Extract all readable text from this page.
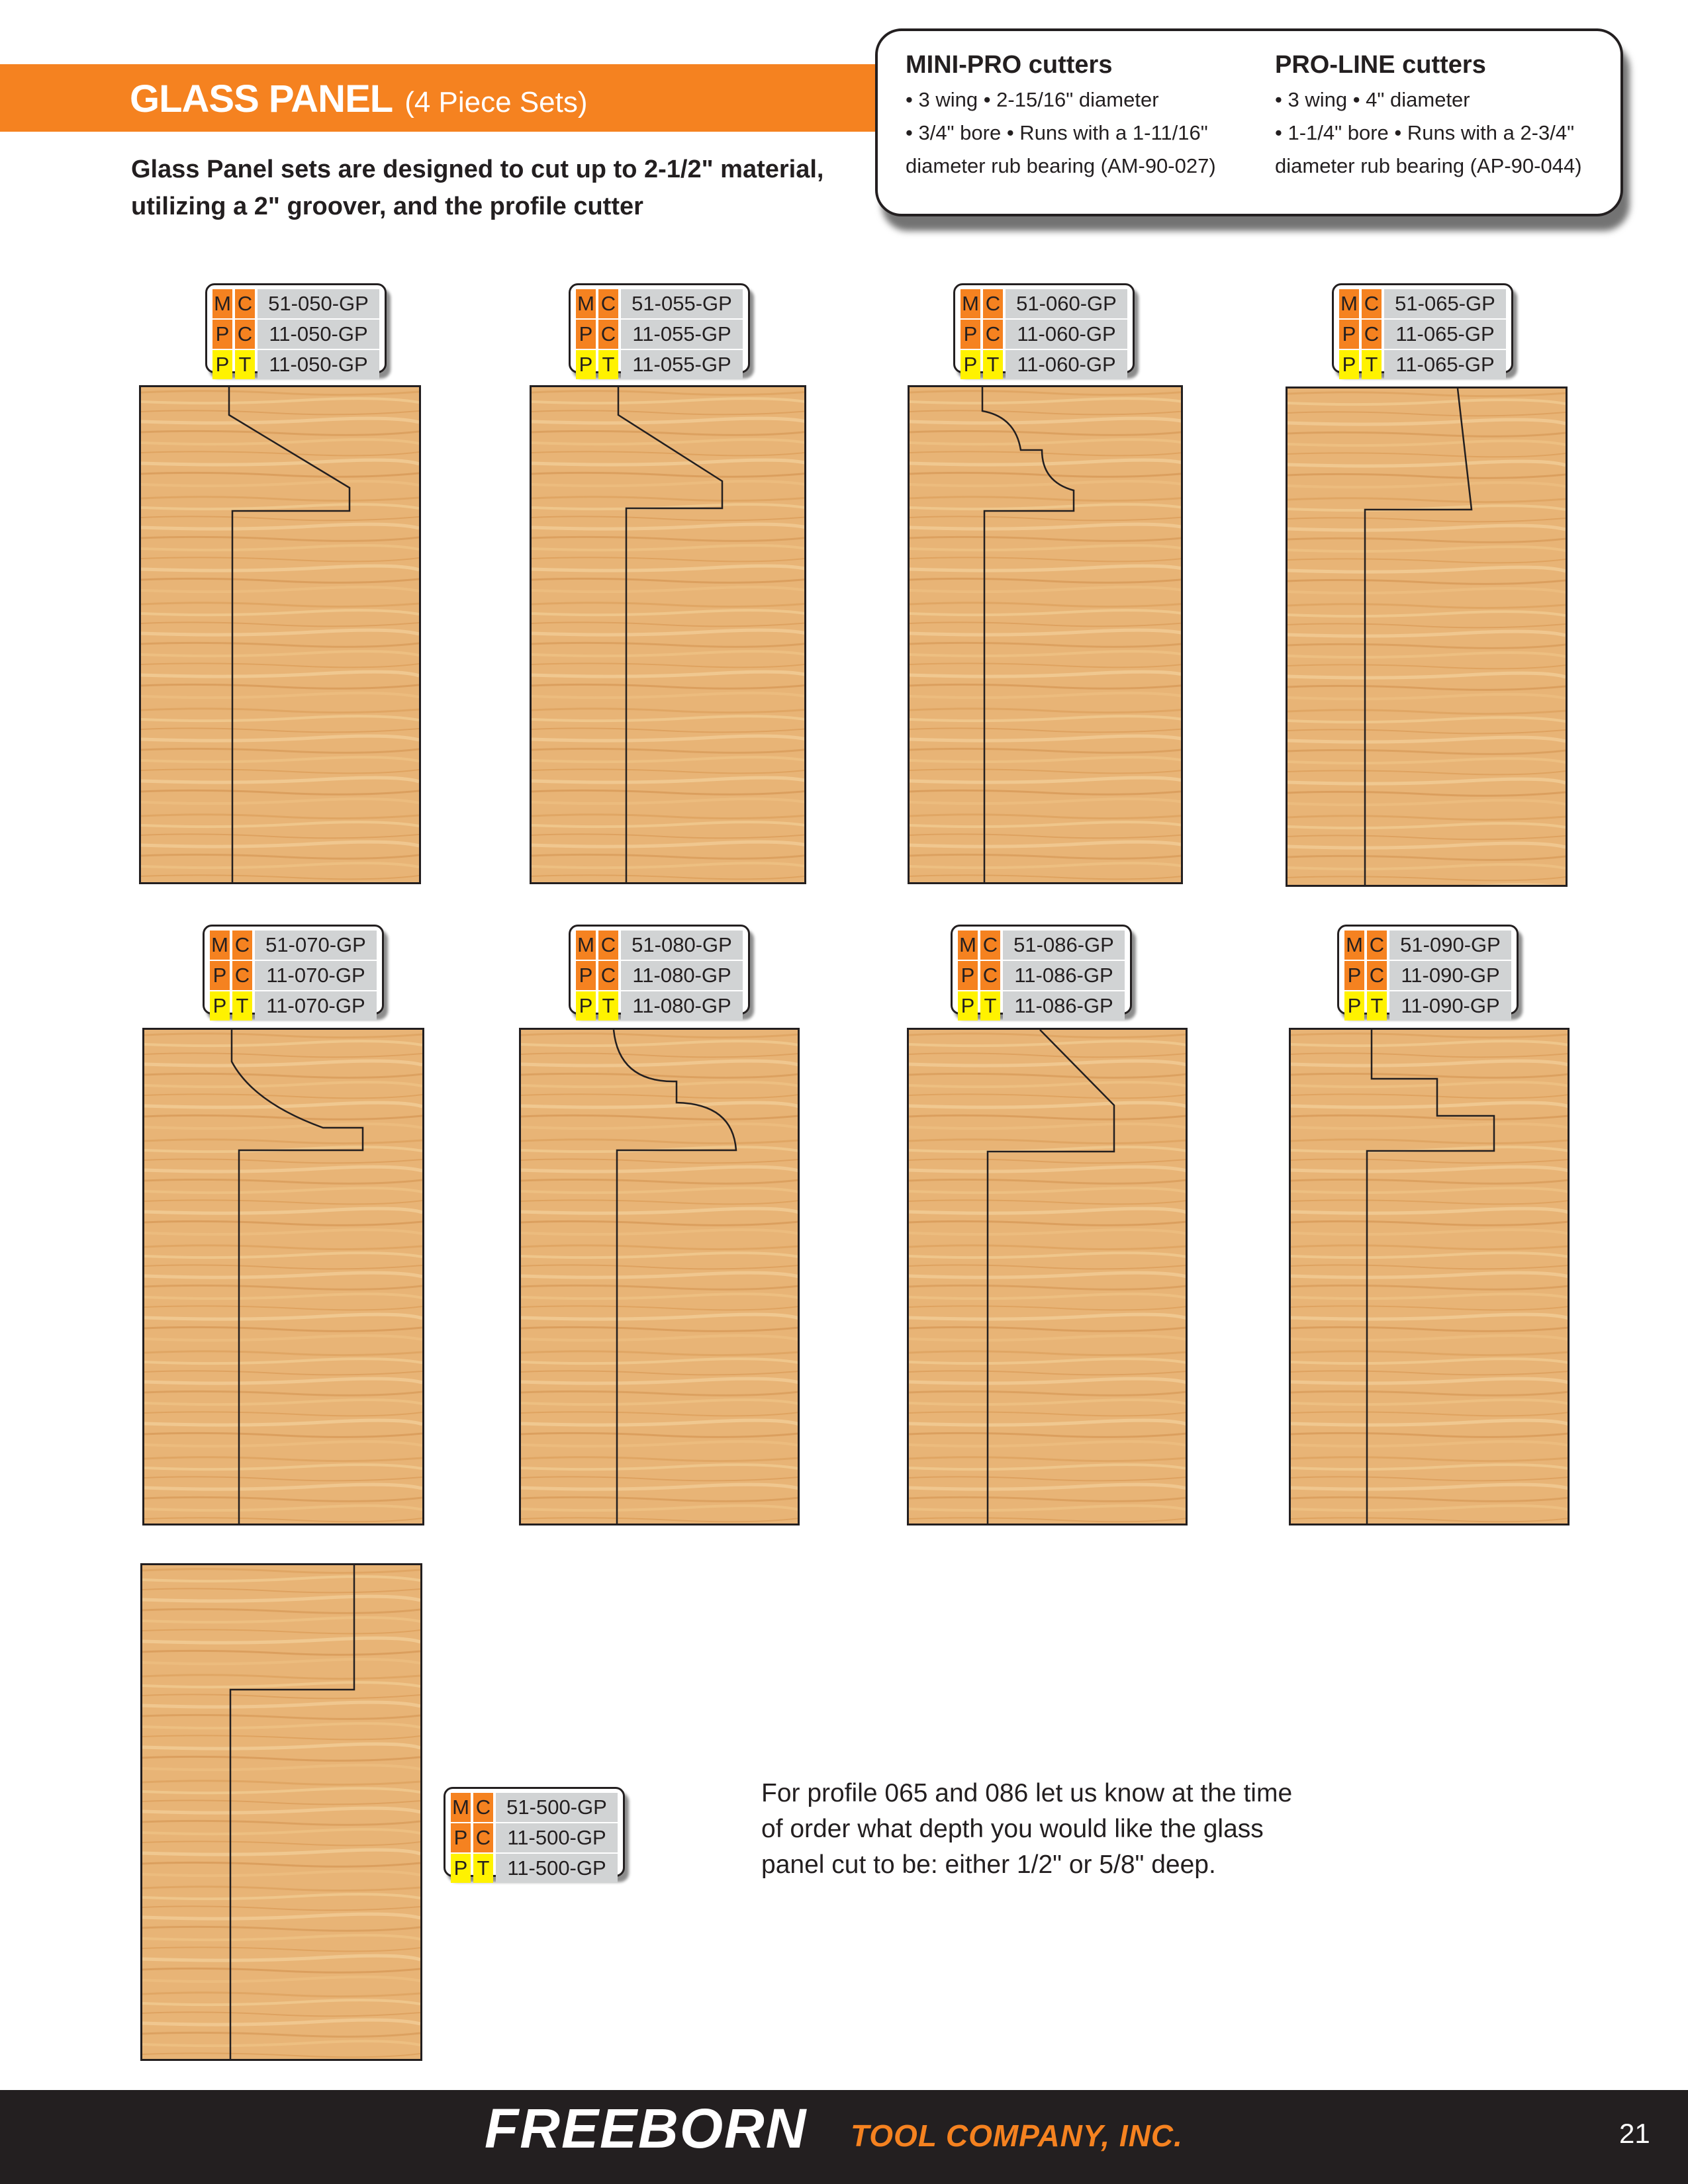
GLASS PANEL (4 Piece Sets)
Glass Panel sets are designed to cut up to 2-1/2" material,
utilizing a 2" groover, and the profile cutter
MINI-PRO cutters
• 3 wing • 2-15/16" diameter
• 3/4" bore • Runs with a 1-11/16"
diameter rub bearing (AM-90-027)
PRO-LINE cutters
• 3 wing • 4" diameter
• 1-1/4" bore • Runs with a 2-3/4"
diameter rub bearing (AP-90-044)
M C 51-050-GP
P C 11-050-GP
P T 11-050-GP
M C 51-055-GP
P C 11-055-GP
P T 11-055-GP
M C 51-060-GP
P C 11-060-GP
P T 11-060-GP
M C 51-065-GP
P C 11-065-GP
P T 11-065-GP
M C 51-070-GP
P C 11-070-GP
P T 11-070-GP
M C 51-080-GP
P C 11-080-GP
P T 11-080-GP
M C 51-086-GP
P C 11-086-GP
P T 11-086-GP
M C 51-090-GP
P C 11-090-GP
P T 11-090-GP
M C 51-500-GP
P C 11-500-GP
P T 11-500-GP
For profile 065 and 086 let us know at the time
of order what depth you would like the glass
panel cut to be: either 1/2" or 5/8" deep.
FREEBORN TOOL COMPANY, INC.	21
